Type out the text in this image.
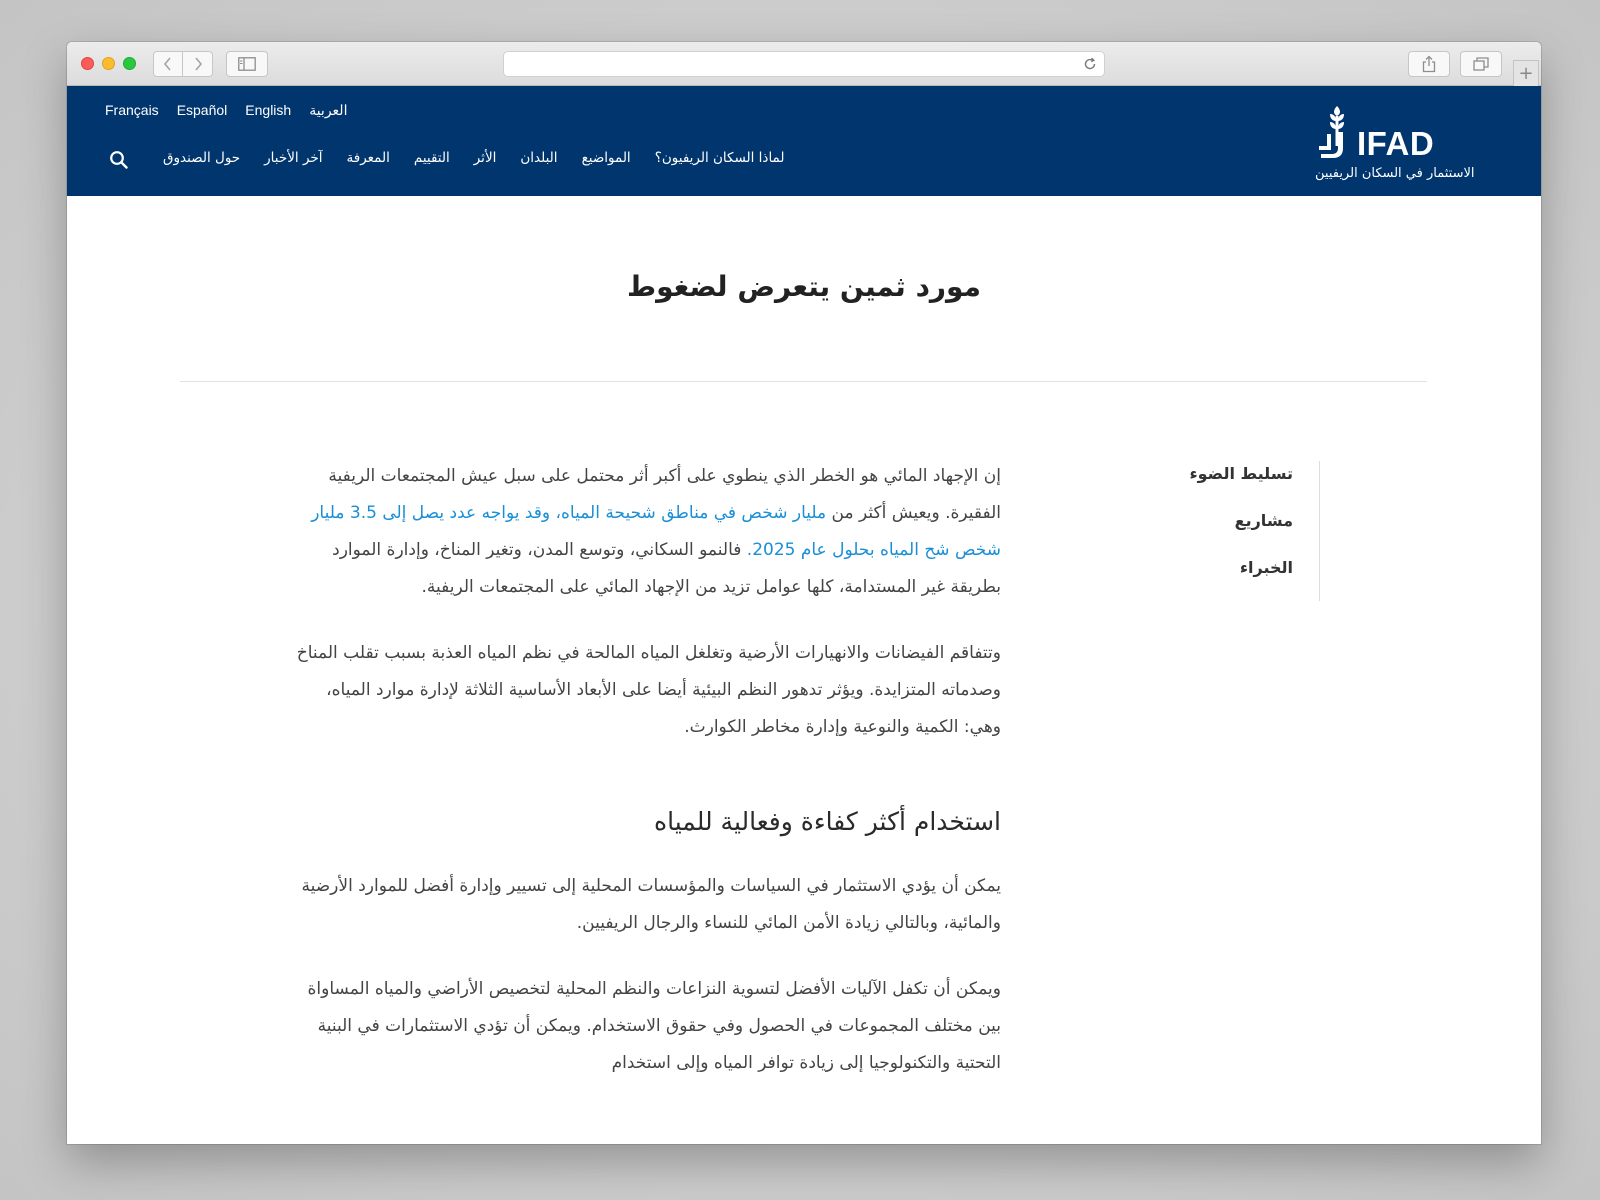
+
IFAD
الاستثمار في السكان الريفيين
Français Español English العربية
لماذا السكان الريفيون؟
المواضيع
البلدان
الأثر
التقييم
المعرفة
آخر الأخبار
حول الصندوق
مورد ثمين يتعرض لضغوط
تسليط الضوء
مشاريع
الخبراء

إن الإجهاد المائي هو الخطر الذي ينطوي على أكبر أثر محتمل على سبل عيش المجتمعات الريفية الفقيرة. ويعيش أكثر من مليار شخص في مناطق شحيحة المياه، وقد يواجه عدد يصل إلى 3.5 مليار شخص شح المياه بحلول عام 2025. فالنمو السكاني، وتوسع المدن، وتغير المناخ، وإدارة الموارد بطريقة غير المستدامة، كلها عوامل تزيد من الإجهاد المائي على المجتمعات الريفية.

وتتفاقم الفيضانات والانهيارات الأرضية وتغلغل المياه المالحة في نظم المياه العذبة بسبب تقلب المناخ وصدماته المتزايدة. ويؤثر تدهور النظم البيئية أيضا على الأبعاد الأساسية الثلاثة لإدارة موارد المياه، وهي: الكمية والنوعية وإدارة مخاطر الكوارث.

استخدام أكثر كفاءة وفعالية للمياه

يمكن أن يؤدي الاستثمار في السياسات والمؤسسات المحلية إلى تسيير وإدارة أفضل للموارد الأرضية والمائية، وبالتالي زيادة الأمن المائي للنساء والرجال الريفيين.

ويمكن أن تكفل الآليات الأفضل لتسوية النزاعات والنظم المحلية لتخصيص الأراضي والمياه المساواة بين مختلف المجموعات في الحصول وفي حقوق الاستخدام. ويمكن أن تؤدي الاستثمارات في البنية التحتية والتكنولوجيا إلى زيادة توافر المياه وإلى استخدام
